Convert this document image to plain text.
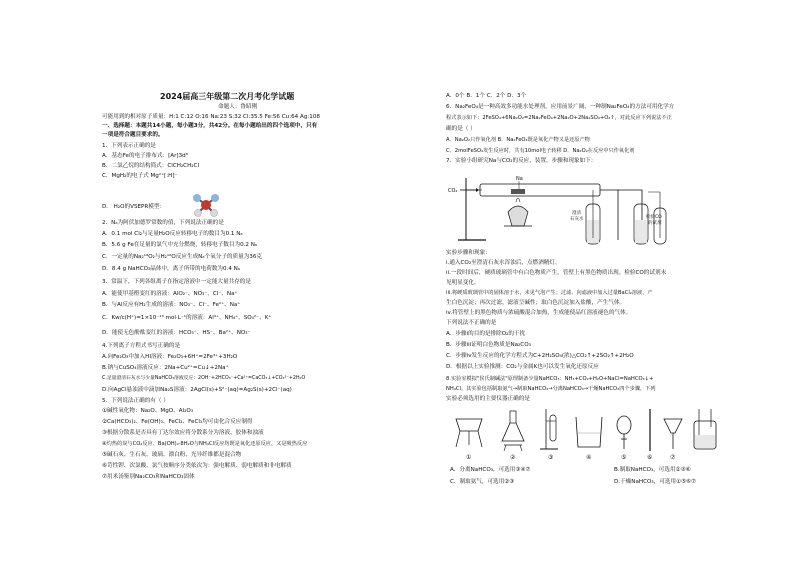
2024届高三年级第二次月考化学试题
命题人：鲁昭俐
可能用到的相对原子质量：H:1 C:12 O:16 Na:23 S:32 Cl:35.5 Fe:56 Cu:64 Ag:108
一、选择题：本题共14小题，每小题3分，共42分。在每小题给出的四个选项中，只有
一项是符合题目要求的。
1．下列表示正确的是
A．基态Fe的电子排布式：[Ar]3d⁶
B．二氯乙烷的结构简式：ClCH₂CH₂Cl
C．MgH₂的电子式 Mg²⁺[:H]⁻
D． H₂O的VSEPR模型：
2．Nₐ为阿伏加德罗常数的值，下列说法正确的是
A．0.1 mol Cl₂与足量H₂O反应转移电子的数目为0.1 Nₐ
B．5.6 g Fe在足量的氯气中充分燃烧，转移电子数目为0.2 Nₐ
C．一定量的Na₂¹⁸O₂与H₂¹⁶O反应生成Nₐ个氧分子的质量为36克
D．8.4 g NaHCO₃晶体中，离子所带的电荷数为0.4 Nₐ
3．常温下，下列各组离子在指定溶液中一定能大量共存的是
A．能使甲基橙变红的溶液：AlO₂⁻、NO₃⁻、Cl⁻、Na⁺
B．与Al反应有H₂生成的溶液：NO₃⁻、Cl⁻、Fe²⁺、Na⁺
C．Kw/c(H⁺)=1×10⁻¹³ mol·L⁻¹的溶液：Al³⁺、NH₄⁺、SO₄²⁻、K⁺
D．能使无色酚酞变红的溶液：HCO₃⁻、HS⁻、Ba²⁺、NO₃⁻
4.下列离子方程式书写正确的是
A.向Fe₂O₃中加入HI溶液：Fe₂O₃+6H⁺=2Fe³⁺+3H₂O
B.钠与CuSO₄溶液反应：2Na+Cu²⁺=Cu↓+2Na⁺
C.足量澄清石灰水与少量NaHCO₃溶液反应：2OH⁻+2HCO₃⁻+Ca²⁺=CaCO₃↓+CO₃²⁻+2H₂O
D.向AgCl悬浊液中滴加Na₂S溶液：2AgCl(s)+S²⁻(aq)=Ag₂S(s)+2Cl⁻(aq)
5．下列说法正确的有（ ）
①碱性氧化物：Na₂O、MgO、Al₂O₃
②Ca(HCO₃)₂、Fe(OH)₃、FeCl₂、FeCl₃均可由化合反应制得
③根据分散系是否具有丁达尔效应将分散系分为溶液、胶体和浊液
④灼热的炭与CO₂反应、Ba(OH)₂·8H₂O与NH₄Cl反应均既是氧化还原反应，又是吸热反应
⑤碱石灰、生石灰、玻璃、漂白粉、光导纤维都是混合物
⑥苛性钾、次氯酸、氯气按顺序分类依次为：强电解质、弱电解质和非电解质
⑦用米汤鉴别Na₂CO₃和NaHCO₃固体
A．0个 B．1个 C．2个 D．3个
6．Na₂FeO₄是一种高效多功能水处理剂，应用前景广阔，一种制Na₂FeO₄的方法可用化学方
程式表示如下：2FeSO₄+6Na₂O₂=2Na₂FeO₄+2Na₂O+2Na₂SO₄+O₂↑，对此反应下列说法不正
确的是（ ）
A．Na₂O₂只作氧化剂 B．Na₂FeO₄既是氧化产物又是还原产物
C．2molFeSO₄发生反应时，共有10mol电子转移 D．Na₂O₂在反应中只作氧化剂
7．实验小组研究Na与CO₂的反应，装置、步骤和现象如下：
CO₂
Na
澄清 石灰水	检验CO 的试剂
实验步骤和现象：
i.通入CO₂至澄清石灰水浑浊后，点燃酒精灯。
ii.一段时间后，硬质玻璃管中有白色物质产生，管壁上有黑色物质出现。检验CO的试剂未
见明显变化。
iii.将硬质玻璃管中的固体溶于水，未见气泡产生；过滤，向滤液中加入过量BaCl₂溶液，产
生白色沉淀；再次过滤，滤液呈碱性；取白色沉淀加入盐酸，产生气体。
iv.将管壁上的黑色物质与浓硫酸混合加热，生成能使品红溶液褪色的气体。
下列说法不正确的是
A．步骤i的目的是排除O₂的干扰
B．步骤iii证明白色物质是Na₂CO₃
C．步骤iv发生反应的化学方程式为C+2H₂SO₄(浓)△CO₂↑+2SO₂↑+2H₂O
D．根据以上实验推测：CO₂与金属K也可以发生氧化还原反应
8.实验室模拟"侯氏制碱法"原理制备少量NaHCO₃：NH₃+CO₂+H₂O+NaCl=NaHCO₃↓+
NH₄Cl。其实验包括制取氨气→制取NaHCO₃→分离NaHCO₃→干燥NaHCO₃四个步骤，下列
实验必须选用的主要仪器正确的是
①	②	③	④	⑤	⑥	⑦
A．分离NaHCO₃，可选用③④⑦	B.制取NaHCO₃，可选用②③⑥
C．制取氨气，可选用②③	D.干燥NaHCO₃，可选用①⑤⑥⑦
